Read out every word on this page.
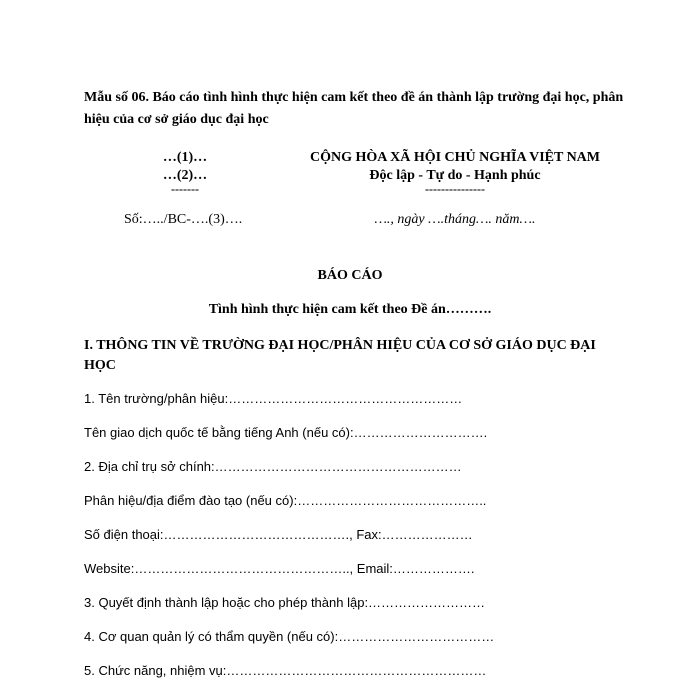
Mẫu số 06. Báo cáo tình hình thực hiện cam kết theo đề án thành lập trường đại học, phân hiệu của cơ sở giáo dục đại học
…(1)…
…(2)…
-------
CỘNG HÒA XÃ HỘI CHỦ NGHĨA VIỆT NAM
Độc lập - Tự do - Hạnh phúc
---------------
Số:…../BC-….(3)….	…., ngày ….tháng…. năm….
BÁO CÁO
Tình hình thực hiện cam kết theo Đề án……….
I. THÔNG TIN VỀ TRƯỜNG ĐẠI HỌC/PHÂN HIỆU CỦA CƠ SỞ GIÁO DỤC ĐẠI HỌC
1. Tên trường/phân hiệu:………………………………………………
Tên giao dịch quốc tế bằng tiếng Anh (nếu có):………………………….
2. Địa chỉ trụ sở chính:…………………………………………………
Phân hiệu/địa điểm đào tạo (nếu có):……………………………………..
Số điện thoại:……………………………………., Fax:…………………
Website:………………………………………….., Email:……………….
3. Quyết định thành lập hoặc cho phép thành lập:………………………
4. Cơ quan quản lý có thẩm quyền (nếu có):………………………………
5. Chức năng, nhiệm vụ:……………………………………………………
